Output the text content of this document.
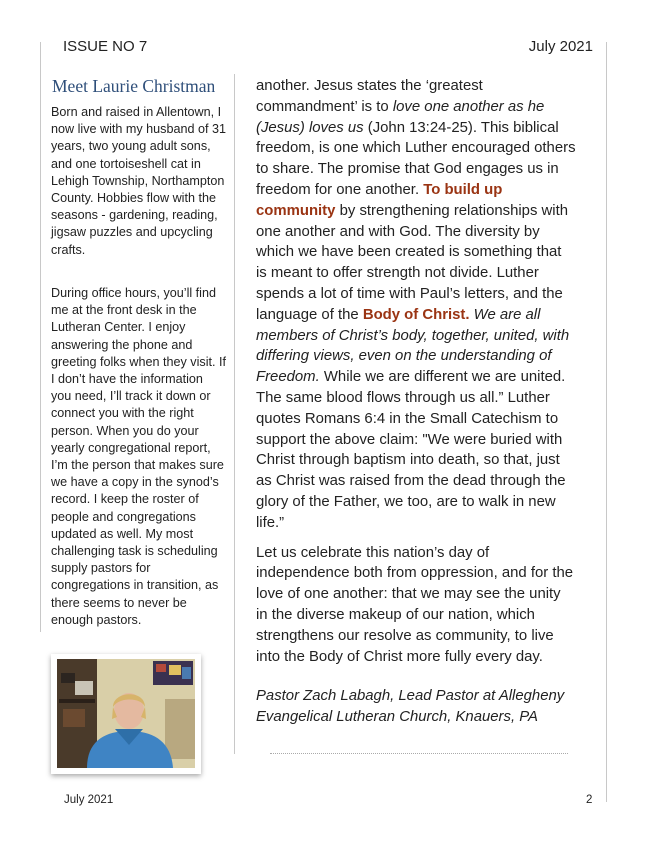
ISSUE NO 7	July 2021
Meet Laurie Christman
Born and raised in Allentown, I now live with my husband of 31 years, two young adult sons, and one tortoiseshell cat in Lehigh Township, Northampton County. Hobbies flow with the seasons - gardening, reading, jigsaw puzzles and upcycling crafts.
During office hours, you’ll find me at the front desk in the Lutheran Center. I enjoy answering the phone and greeting folks when they visit. If I don’t have the information you need, I’ll track it down or connect you with the right person. When you do your yearly congregational report, I’m the person that makes sure we have a copy in the synod’s record. I keep the roster of people and congregations updated as well. My most challenging task is scheduling supply pastors for congregations in transition, as there seems to never be enough pastors.

another. Jesus states the ‘greatest commandment’ is to love one another as he (Jesus) loves us (John 13:24-25). This biblical freedom, is one which Luther encouraged others to share. The promise that God engages us in freedom for one another. To build up community by strengthening relationships with one another and with God. The diversity by which we have been created is something that is meant to offer strength not divide. Luther spends a lot of time with Paul’s letters, and the language of the Body of Christ. We are all members of Christ’s body, together, united, with differing views, even on the understanding of Freedom. While we are different we are united. The same blood flows through us all.” Luther quotes Romans 6:4 in the Small Catechism to support the above claim: "We were buried with Christ through baptism into death, so that, just as Christ was raised from the dead through the glory of the Father, we too, are to walk in new life.”

Let us celebrate this nation’s day of independence both from oppression, and for the love of one another: that we may see the unity in the diverse makeup of our nation, which strengthens our resolve as community, to live into the Body of Christ more fully every day.

Pastor Zach Labagh, Lead Pastor at Allegheny Evangelical Lutheran Church, Knauers, PA
July 2021	2
